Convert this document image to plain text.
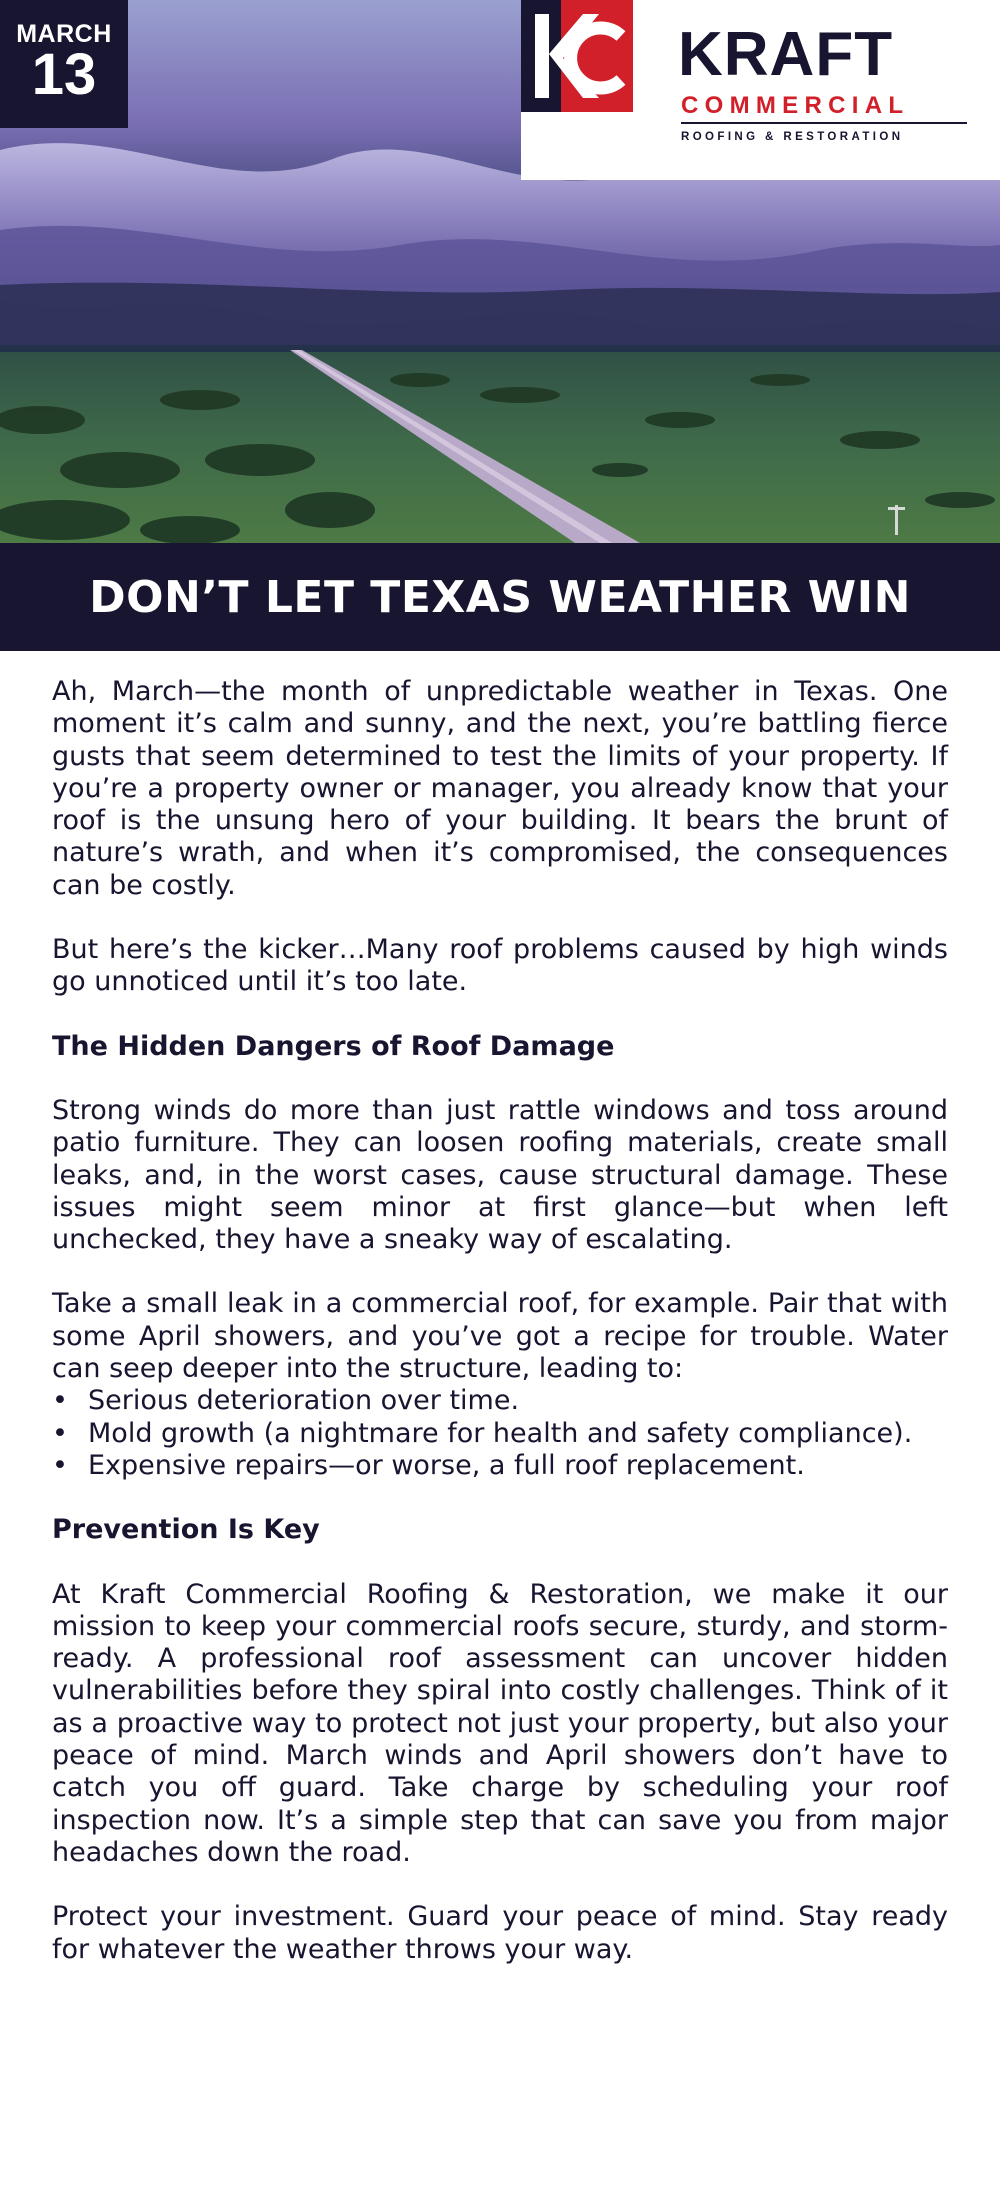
MARCH
13	KRAFT
COMMERCIAL
ROOFING & RESTORATION
DON’T LET TEXAS WEATHER WIN

Ah, March—the month of unpredictable weather in Texas. One moment it’s calm and sunny, and the next, you’re battling fierce gusts that seem determined to test the limits of your property. If you’re a property owner or manager, you already know that your roof is the unsung hero of your building. It bears the brunt of nature’s wrath, and when it’s compromised, the consequences can be costly.

But here’s the kicker…Many roof problems caused by high winds go unnoticed until it’s too late.

The Hidden Dangers of Roof Damage

Strong winds do more than just rattle windows and toss around patio furniture. They can loosen roofing materials, create small leaks, and, in the worst cases, cause structural damage. These issues might seem minor at first glance—but when left unchecked, they have a sneaky way of escalating.

Take a small leak in a commercial roof, for example. Pair that with some April showers, and you’ve got a recipe for trouble. Water can seep deeper into the structure, leading to:

• Serious deterioration over time.
• Mold growth (a nightmare for health and safety compliance).
• Expensive repairs—or worse, a full roof replacement.
Prevention Is Key

At Kraft Commercial Roofing & Restoration, we make it our mission to keep your commercial roofs secure, sturdy, and storm-ready. A professional roof assessment can uncover hidden vulnerabilities before they spiral into costly challenges. Think of it as a proactive way to protect not just your property, but also your peace of mind. March winds and April showers don’t have to catch you off guard. Take charge by scheduling your roof inspection now. It’s a simple step that can save you from major headaches down the road.

Protect your investment. Guard your peace of mind. Stay ready for whatever the weather throws your way.
